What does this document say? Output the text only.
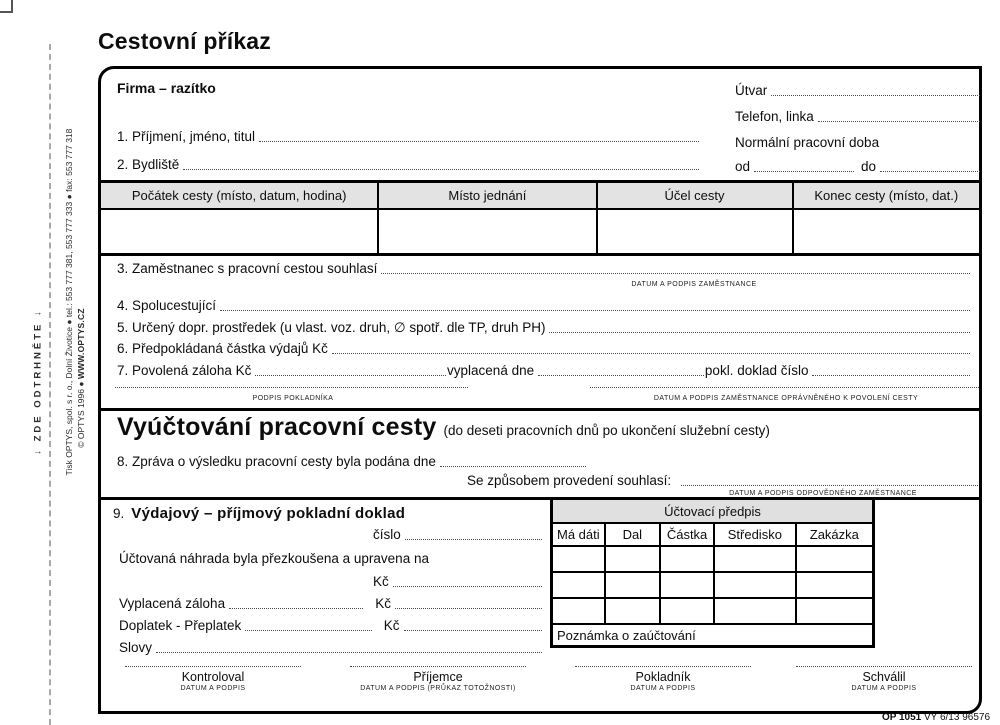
↓ ZDE ODTRHNĚTE ↓ Tisk OPTYS, spol. s r. o., Dolní Životice ● tel.: 553 777 381, 553 777 333 ● fax: 553 777 318 © OPTYS 1996 ● WWW.OPTYS.CZ
Cestovní příkaz
Firma – razítko	Útvar
Telefon, linka
Normální pracovní doba
od	do
1. Příjmení, jméno, titul
2. Bydliště
Počátek cesty (místo, datum, hodina)	Místo jednání	Účel cesty	Konec cesty (místo, dat.)

3. Zaměstnanec s pracovní cestou souhlasí
DATUM A PODPIS ZAMĚSTNANCE
4. Spolucestující
5. Určený dopr. prostředek (u vlast. voz. druh, ∅ spotř. dle TP, druh PH)
6. Předpokládaná částka výdajů Kč
7. Povolená záloha Kč	vyplacená dne	pokl. doklad číslo
PODPIS POKLADNÍKA	DATUM A PODPIS ZAMĚSTNANCE OPRÁVNĚNÉHO K POVOLENÍ CESTY
Vyúčtování pracovní cesty (do deseti pracovních dnů po ukončení služební cesty)
8. Zpráva o výsledku pracovní cesty byla podána dne
Se způsobem provedení souhlasí:
DATUM A PODPIS ODPOVĚDNÉHO ZAMĚSTNANCE
9. Výdajový – příjmový pokladní doklad
číslo
Účtovaná náhrada byla přezkoušena a upravena na
Kč
Vyplacená záloha	Kč
Doplatek - Přeplatek	Kč
Slovy
Účtovací předpis				
Má dáti	Dal	Částka	Středisko	Zakázka

Poznámka o zaúčtování				
Kontroloval
DATUM A PODPIS
Příjemce
DATUM A PODPIS (PRŮKAZ TOTOŽNOSTI)
Pokladník
DATUM A PODPIS
Schválil
DATUM A PODPIS
OP 1051 VY 6/13 96576
